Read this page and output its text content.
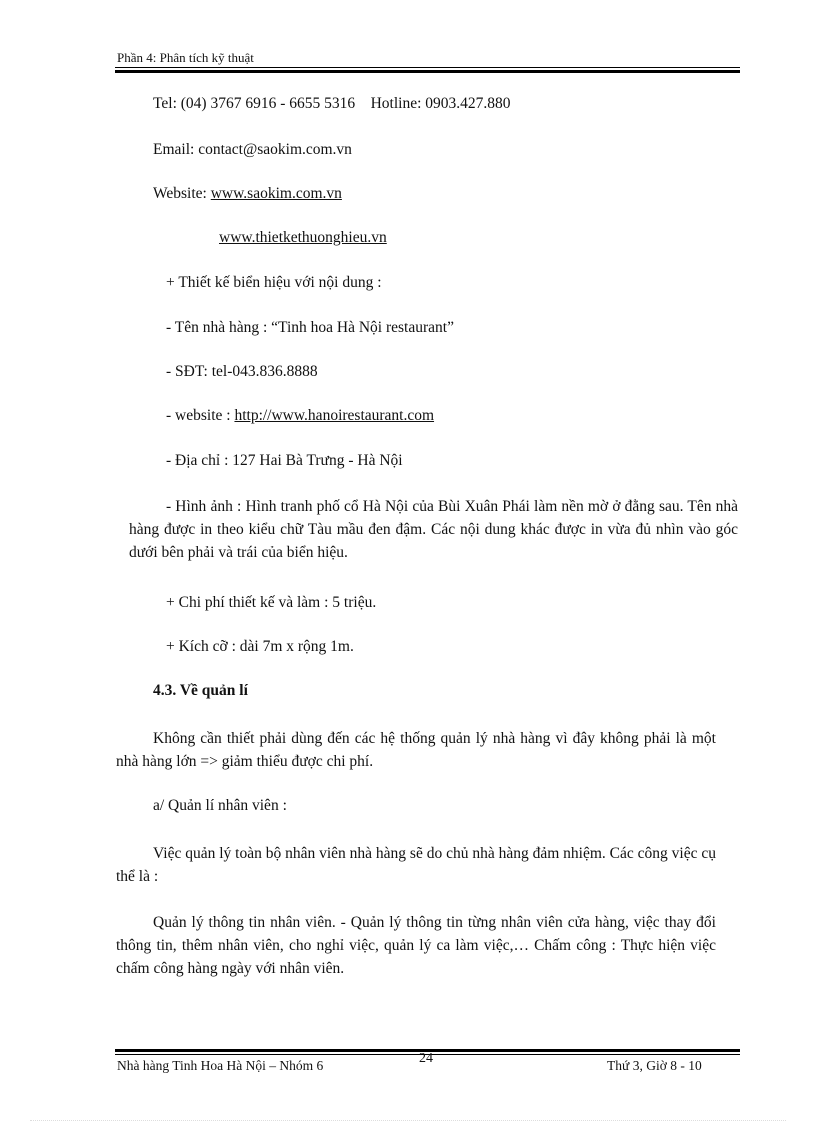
Phần 4: Phân tích kỹ thuật
Tel: (04) 3767 6916 - 6655 5316    Hotline: 0903.427.880
Email: contact@saokim.com.vn
Website: www.saokim.com.vn
www.thietkethuonghieu.vn
+ Thiết kế biển hiệu với nội dung :
- Tên nhà hàng : “Tinh hoa Hà Nội restaurant”
- SĐT: tel-043.836.8888
- website : http://www.hanoirestaurant.com
- Địa chỉ : 127 Hai Bà Trưng - Hà Nội
- Hình ảnh : Hình tranh phố cổ Hà Nội của Bùi Xuân Phái làm nền mờ ở đằng sau. Tên nhà hàng được in theo kiểu chữ Tàu mầu đen đậm. Các nội dung khác được in vừa đủ nhìn vào góc dưới bên phải và trái của biển hiệu.
+ Chi phí thiết kế và làm : 5 triệu.
+ Kích cỡ : dài 7m x rộng 1m.
4.3. Về quản lí
Không cần thiết phải dùng đến các hệ thống quản lý nhà hàng vì đây không phải là một nhà hàng lớn => giảm thiểu được chi phí.
a/ Quản lí nhân viên :
Việc quản lý toàn bộ nhân viên nhà hàng sẽ do chủ nhà hàng đảm nhiệm. Các công việc cụ thể là :
Quản lý thông tin nhân viên. - Quản lý thông tin từng nhân viên cửa hàng, việc thay đổi thông tin, thêm nhân viên, cho nghỉ việc, quản lý ca làm việc,… Chấm công : Thực hiện việc chấm công hàng ngày với nhân viên.
Nhà hàng Tinh Hoa Hà Nội – Nhóm 6	24	Thứ 3, Giờ 8 - 10
